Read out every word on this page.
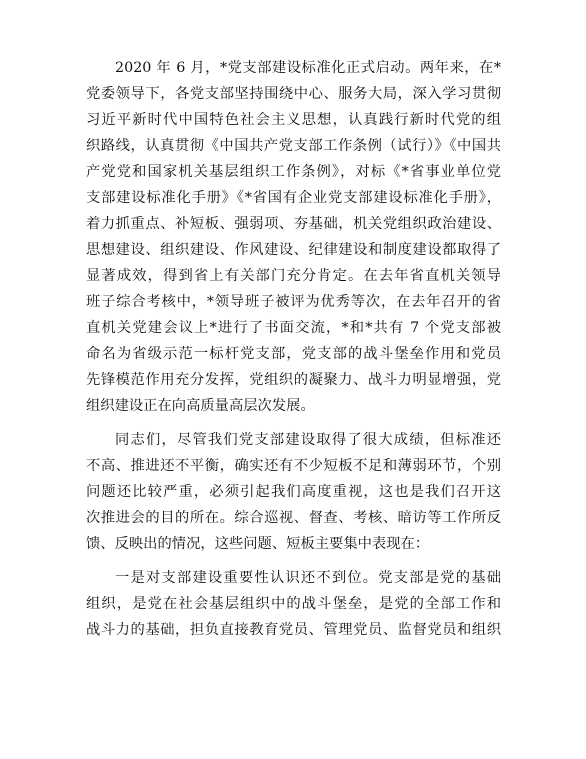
2020 年 6 月，*党支部建设标准化正式启动。两年来，在*
党委领导下，各党支部坚持围绕中心、服务大局，深入学习贯彻
习近平新时代中国特色社会主义思想，认真践行新时代党的组
织路线，认真贯彻《中国共产党支部工作条例（试行）》《中国共
产党党和国家机关基层组织工作条例》，对标《*省事业单位党
支部建设标准化手册》《*省国有企业党支部建设标准化手册》，
着力抓重点、补短板、强弱项、夯基础，机关党组织政治建设、
思想建设、组织建设、作风建设、纪律建设和制度建设都取得了
显著成效，得到省上有关部门充分肯定。在去年省直机关领导
班子综合考核中，*领导班子被评为优秀等次，在去年召开的省
直机关党建会议上*进行了书面交流，*和*共有 7 个党支部被
命名为省级示范一标杆党支部，党支部的战斗堡垒作用和党员
先锋模范作用充分发挥，党组织的凝聚力、战斗力明显增强，党
组织建设正在向高质量高层次发展。
同志们，尽管我们党支部建设取得了很大成绩，但标准还
不高、推进还不平衡，确实还有不少短板不足和薄弱环节，个别
问题还比较严重，必须引起我们高度重视，这也是我们召开这
次推进会的目的所在。综合巡视、督查、考核、暗访等工作所反
馈、反映出的情况，这些问题、短板主要集中表现在：
一是对支部建设重要性认识还不到位。党支部是党的基础
组织，是党在社会基层组织中的战斗堡垒，是党的全部工作和
战斗力的基础，担负直接教育党员、管理党员、监督党员和组织
